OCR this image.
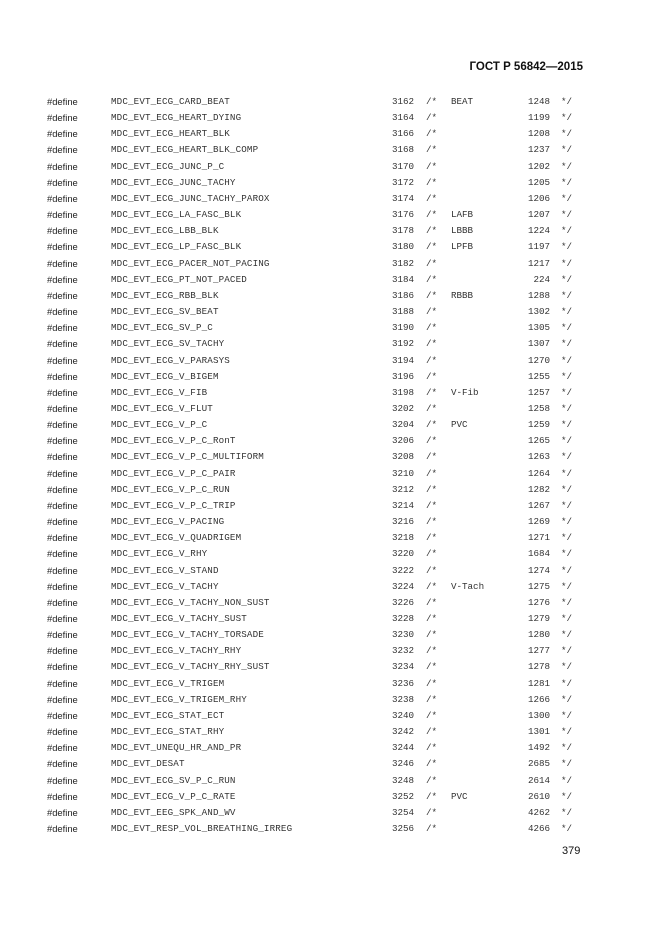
ГОСТ Р 56842—2015
#define	MDC_EVT_ECG_CARD_BEAT	3162 /* BEAT	1248 */
#define	MDC_EVT_ECG_HEART_DYING	3164 /*	1199 */
#define	MDC_EVT_ECG_HEART_BLK	3166 /*	1208 */
#define	MDC_EVT_ECG_HEART_BLK_COMP	3168 /*	1237 */
#define	MDC_EVT_ECG_JUNC_P_C	3170 /*	1202 */
#define	MDC_EVT_ECG_JUNC_TACHY	3172 /*	1205 */
#define	MDC_EVT_ECG_JUNC_TACHY_PAROX	3174 /*	1206 */
#define	MDC_EVT_ECG_LA_FASC_BLK	3176 /* LAFB	1207 */
#define	MDC_EVT_ECG_LBB_BLK	3178 /* LBBB	1224 */
#define	MDC_EVT_ECG_LP_FASC_BLK	3180 /* LPFB	1197 */
#define	MDC_EVT_ECG_PACER_NOT_PACING	3182 /*	1217 */
#define	MDC_EVT_ECG_PT_NOT_PACED	3184 /*	224 */
#define	MDC_EVT_ECG_RBB_BLK	3186 /* RBBB	1288 */
#define	MDC_EVT_ECG_SV_BEAT	3188 /*	1302 */
#define	MDC_EVT_ECG_SV_P_C	3190 /*	1305 */
#define	MDC_EVT_ECG_SV_TACHY	3192 /*	1307 */
#define	MDC_EVT_ECG_V_PARASYS	3194 /*	1270 */
#define	MDC_EVT_ECG_V_BIGEM	3196 /*	1255 */
#define	MDC_EVT_ECG_V_FIB	3198 /* V-Fib	1257 */
#define	MDC_EVT_ECG_V_FLUT	3202 /*	1258 */
#define	MDC_EVT_ECG_V_P_C	3204 /* PVC	1259 */
#define	MDC_EVT_ECG_V_P_C_RonT	3206 /*	1265 */
#define	MDC_EVT_ECG_V_P_C_MULTIFORM	3208 /*	1263 */
#define	MDC_EVT_ECG_V_P_C_PAIR	3210 /*	1264 */
#define	MDC_EVT_ECG_V_P_C_RUN	3212 /*	1282 */
#define	MDC_EVT_ECG_V_P_C_TRIP	3214 /*	1267 */
#define	MDC_EVT_ECG_V_PACING	3216 /*	1269 */
#define	MDC_EVT_ECG_V_QUADRIGEM	3218 /*	1271 */
#define	MDC_EVT_ECG_V_RHY	3220 /*	1684 */
#define	MDC_EVT_ECG_V_STAND	3222 /*	1274 */
#define	MDC_EVT_ECG_V_TACHY	3224 /* V-Tach	1275 */
#define	MDC_EVT_ECG_V_TACHY_NON_SUST	3226 /*	1276 */
#define	MDC_EVT_ECG_V_TACHY_SUST	3228 /*	1279 */
#define	MDC_EVT_ECG_V_TACHY_TORSADE	3230 /*	1280 */
#define	MDC_EVT_ECG_V_TACHY_RHY	3232 /*	1277 */
#define	MDC_EVT_ECG_V_TACHY_RHY_SUST	3234 /*	1278 */
#define	MDC_EVT_ECG_V_TRIGEM	3236 /*	1281 */
#define	MDC_EVT_ECG_V_TRIGEM_RHY	3238 /*	1266 */
#define	MDC_EVT_ECG_STAT_ECT	3240 /*	1300 */
#define	MDC_EVT_ECG_STAT_RHY	3242 /*	1301 */
#define	MDC_EVT_UNEQU_HR_AND_PR	3244 /*	1492 */
#define	MDC_EVT_DESAT	3246 /*	2685 */
#define	MDC_EVT_ECG_SV_P_C_RUN	3248 /*	2614 */
#define	MDC_EVT_ECG_V_P_C_RATE	3252 /* PVC	2610 */
#define	MDC_EVT_EEG_SPK_AND_WV	3254 /*	4262 */
#define	MDC_EVT_RESP_VOL_BREATHING_IRREG	3256 /*	4266 */
379
